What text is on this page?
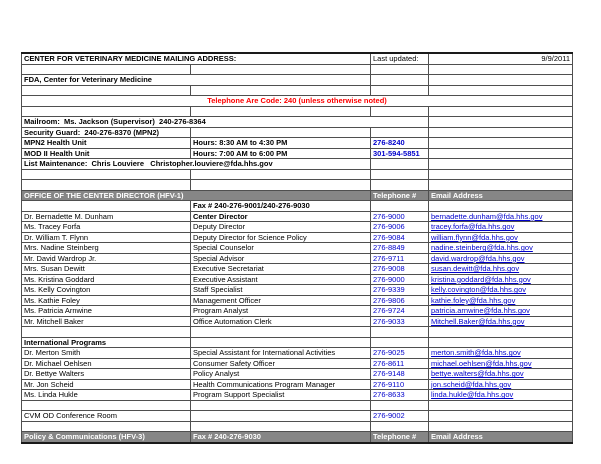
CENTER FOR VETERINARY MEDICINE MAILING ADDRESS:		Last updated:	9/9/2011

FDA, Center for Veterinary Medicine			

Telephone Are Code: 240 (unless otherwise noted)			

Mailroom:  Ms. Jackson (Supervisor)  240-276-8364			
Security Guard:  240-276-8370 (MPN2)			
MPN2 Health Unit	Hours: 8:30 AM to 4:30 PM	276-8240	
MOD II Health Unit	Hours: 7:00 AM to 6:00 PM	301-594-5851	
List Maintenance:  Chris Louviere   Christopher.louviere@fda.hhs.gov			

OFFICE OF THE CENTER DIRECTOR (HFV-1)		Telephone #	Email Address
	Fax # 240-276-9001/240-276-9030		
Dr. Bernadette M. Dunham	Center Director	276-9000	bernadette.dunham@fda.hhs.gov
Ms. Tracey Forfa	Deputy Director	276-9006	tracey.forfa@fda.hhs.gov
Dr. William T. Flynn	Deputy Director for Science Policy	276-9084	william.flynn@fda.hhs.gov
Mrs. Nadine Steinberg	Special Counselor	276-8849	nadine.steinberg@fda.hhs.gov
Mr. David Wardrop Jr.	Special Advisor	276-9711	david.wardrop@fda.hhs.gov
Mrs. Susan Dewitt	Executive Secretariat	276-9008	susan.dewitt@fda.hhs.gov
Ms. Kristina Goddard	Executive Assistant	276-9000	kristina.goddard@fda.hhs.gov
Ms. Kelly Covington	Staff Specialist	276-9339	kelly.covington@fda.hhs.gov
Ms. Kathie Foley	Management Officer	276-9806	kathie.foley@fda.hhs.gov
Ms. Patricia Arnwine	Program Analyst	276-9724	patricia.arnwine@fda.hhs.gov
Mr. Mitchell Baker	Office Automation Clerk	276-9033	Mitchell.Baker@fda.hhs.gov

International Programs			
Dr. Merton Smith	Special Assistant for International Activities	276-9025	merton.smith@fda.hhs.gov
Dr. Michael Oehlsen	Consumer Safety Officer	276-8611	michael.oehlsen@fda.hhs.gov
Dr. Bettye Walters	Policy Analyst	276-9148	bettye.walters@fda.hhs.gov
Mr. Jon Scheid	Health Communications Program Manager	276-9110	jon.scheid@fda.hhs.gov
Ms. Linda Hukle	Program Support Specialist	276-8633	linda.hukle@fda.hhs.gov

CVM OD Conference Room		276-9002	

Policy & Communications (HFV-3)	Fax # 240-276-9030	Telephone #	Email Address
